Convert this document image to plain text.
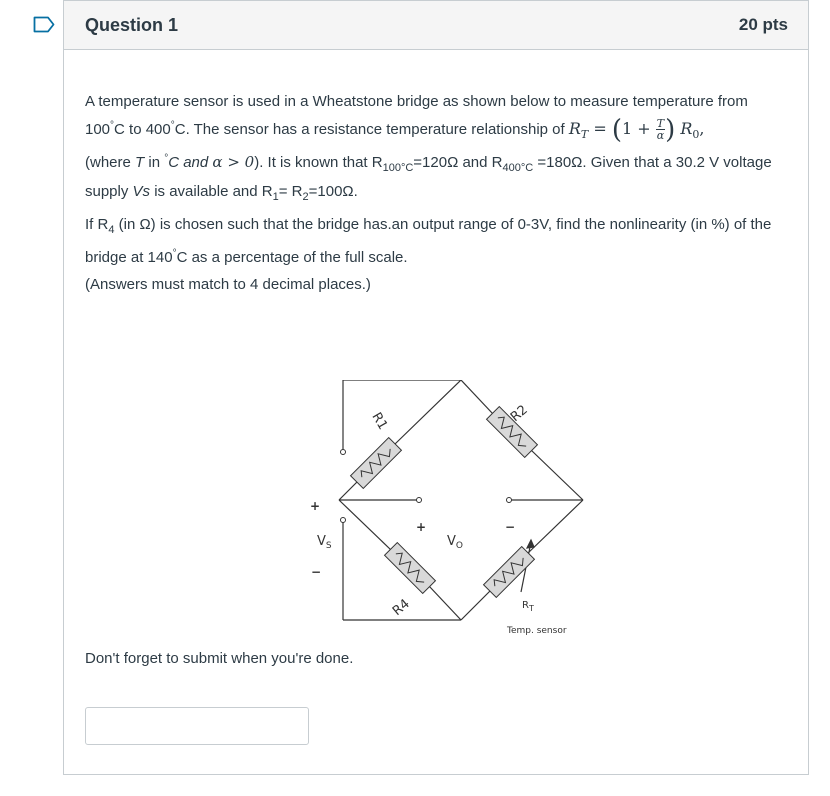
Question 1	20 pts

A temperature sensor is used in a Wheatstone bridge as shown below to measure temperature from 100°C to 400°C. The sensor has a resistance temperature relationship of $R_T = (1 + \frac{T}{\alpha}$ ) $R_0$,
(where T in °C and α > 0). It is known that $R_{100^\circ C}=120\Omega$ and $R_{400^\circ C} =180\Omega$. Given that a 30.2 V voltage supply Vs is available and $R_1= R_2=100\Omega$.

If $R_4$ (in Ω) is chosen such that the bridge has.an output range of 0-3V, find the nonlinearity (in %) of the bridge at 140°C as a percentage of the full scale.

(Answers must match to 4 decimal places.)

R1	R2
R4	$R_T$
$V_S$	$V_O$
+
−
+	−
Temp. sensor

Don't forget to submit when you're done.
